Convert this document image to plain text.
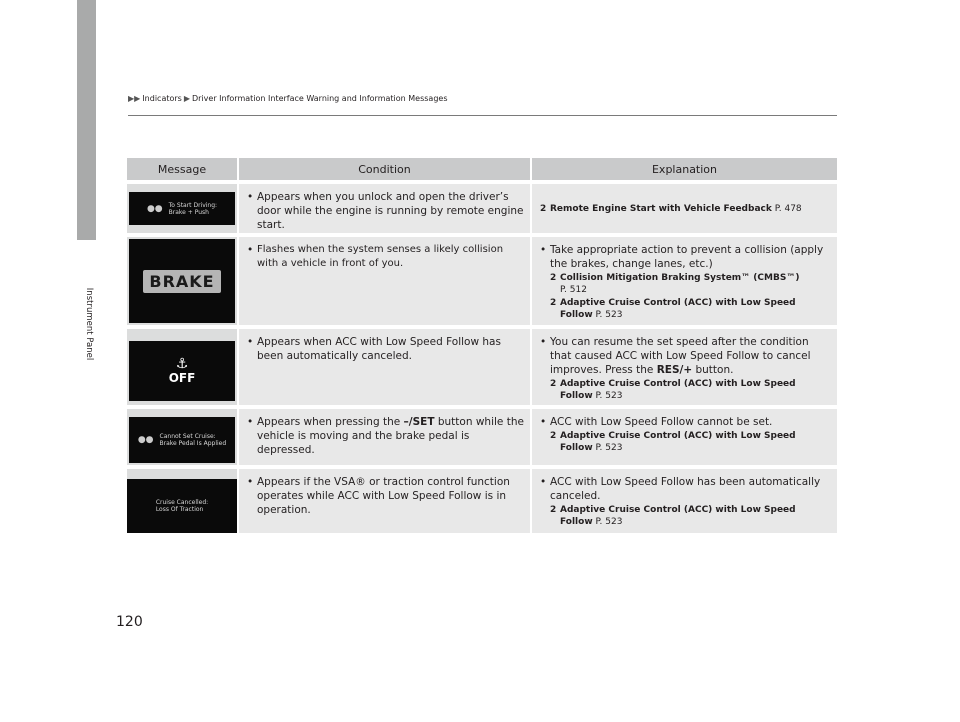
Instrument Panel
▶▶ Indicators ▶ Driver Information Interface Warning and Information Messages
Message	Condition	Explanation
●● To Start Driving:
Brake + Push
• Appears when you unlock and open the driver’s door while the engine is running by remote engine start.
2 Remote Engine Start with Vehicle Feedback P. 478
BRAKE
• Flashes when the system senses a likely collision with a vehicle in front of you.
• Take appropriate action to prevent a collision (apply the brakes, change lanes, etc.)
2 Collision Mitigation Braking System™ (CMBS™)
P. 512
2 Adaptive Cruise Control (ACC) with Low Speed Follow P. 523
⚓
OFF
• Appears when ACC with Low Speed Follow has been automatically canceled.
• You can resume the set speed after the condition that caused ACC with Low Speed Follow to cancel improves. Press the RES/+ button.
2 Adaptive Cruise Control (ACC) with Low Speed Follow P. 523
●● Cannot Set Cruise:
Brake Pedal Is Applied
• Appears when pressing the –/SET button while the vehicle is moving and the brake pedal is depressed.
• ACC with Low Speed Follow cannot be set.
2 Adaptive Cruise Control (ACC) with Low Speed Follow P. 523
Cruise Cancelled:
Loss Of Traction
• Appears if the VSA® or traction control function operates while ACC with Low Speed Follow is in operation.
• ACC with Low Speed Follow has been automatically canceled.
2 Adaptive Cruise Control (ACC) with Low Speed Follow P. 523
120
